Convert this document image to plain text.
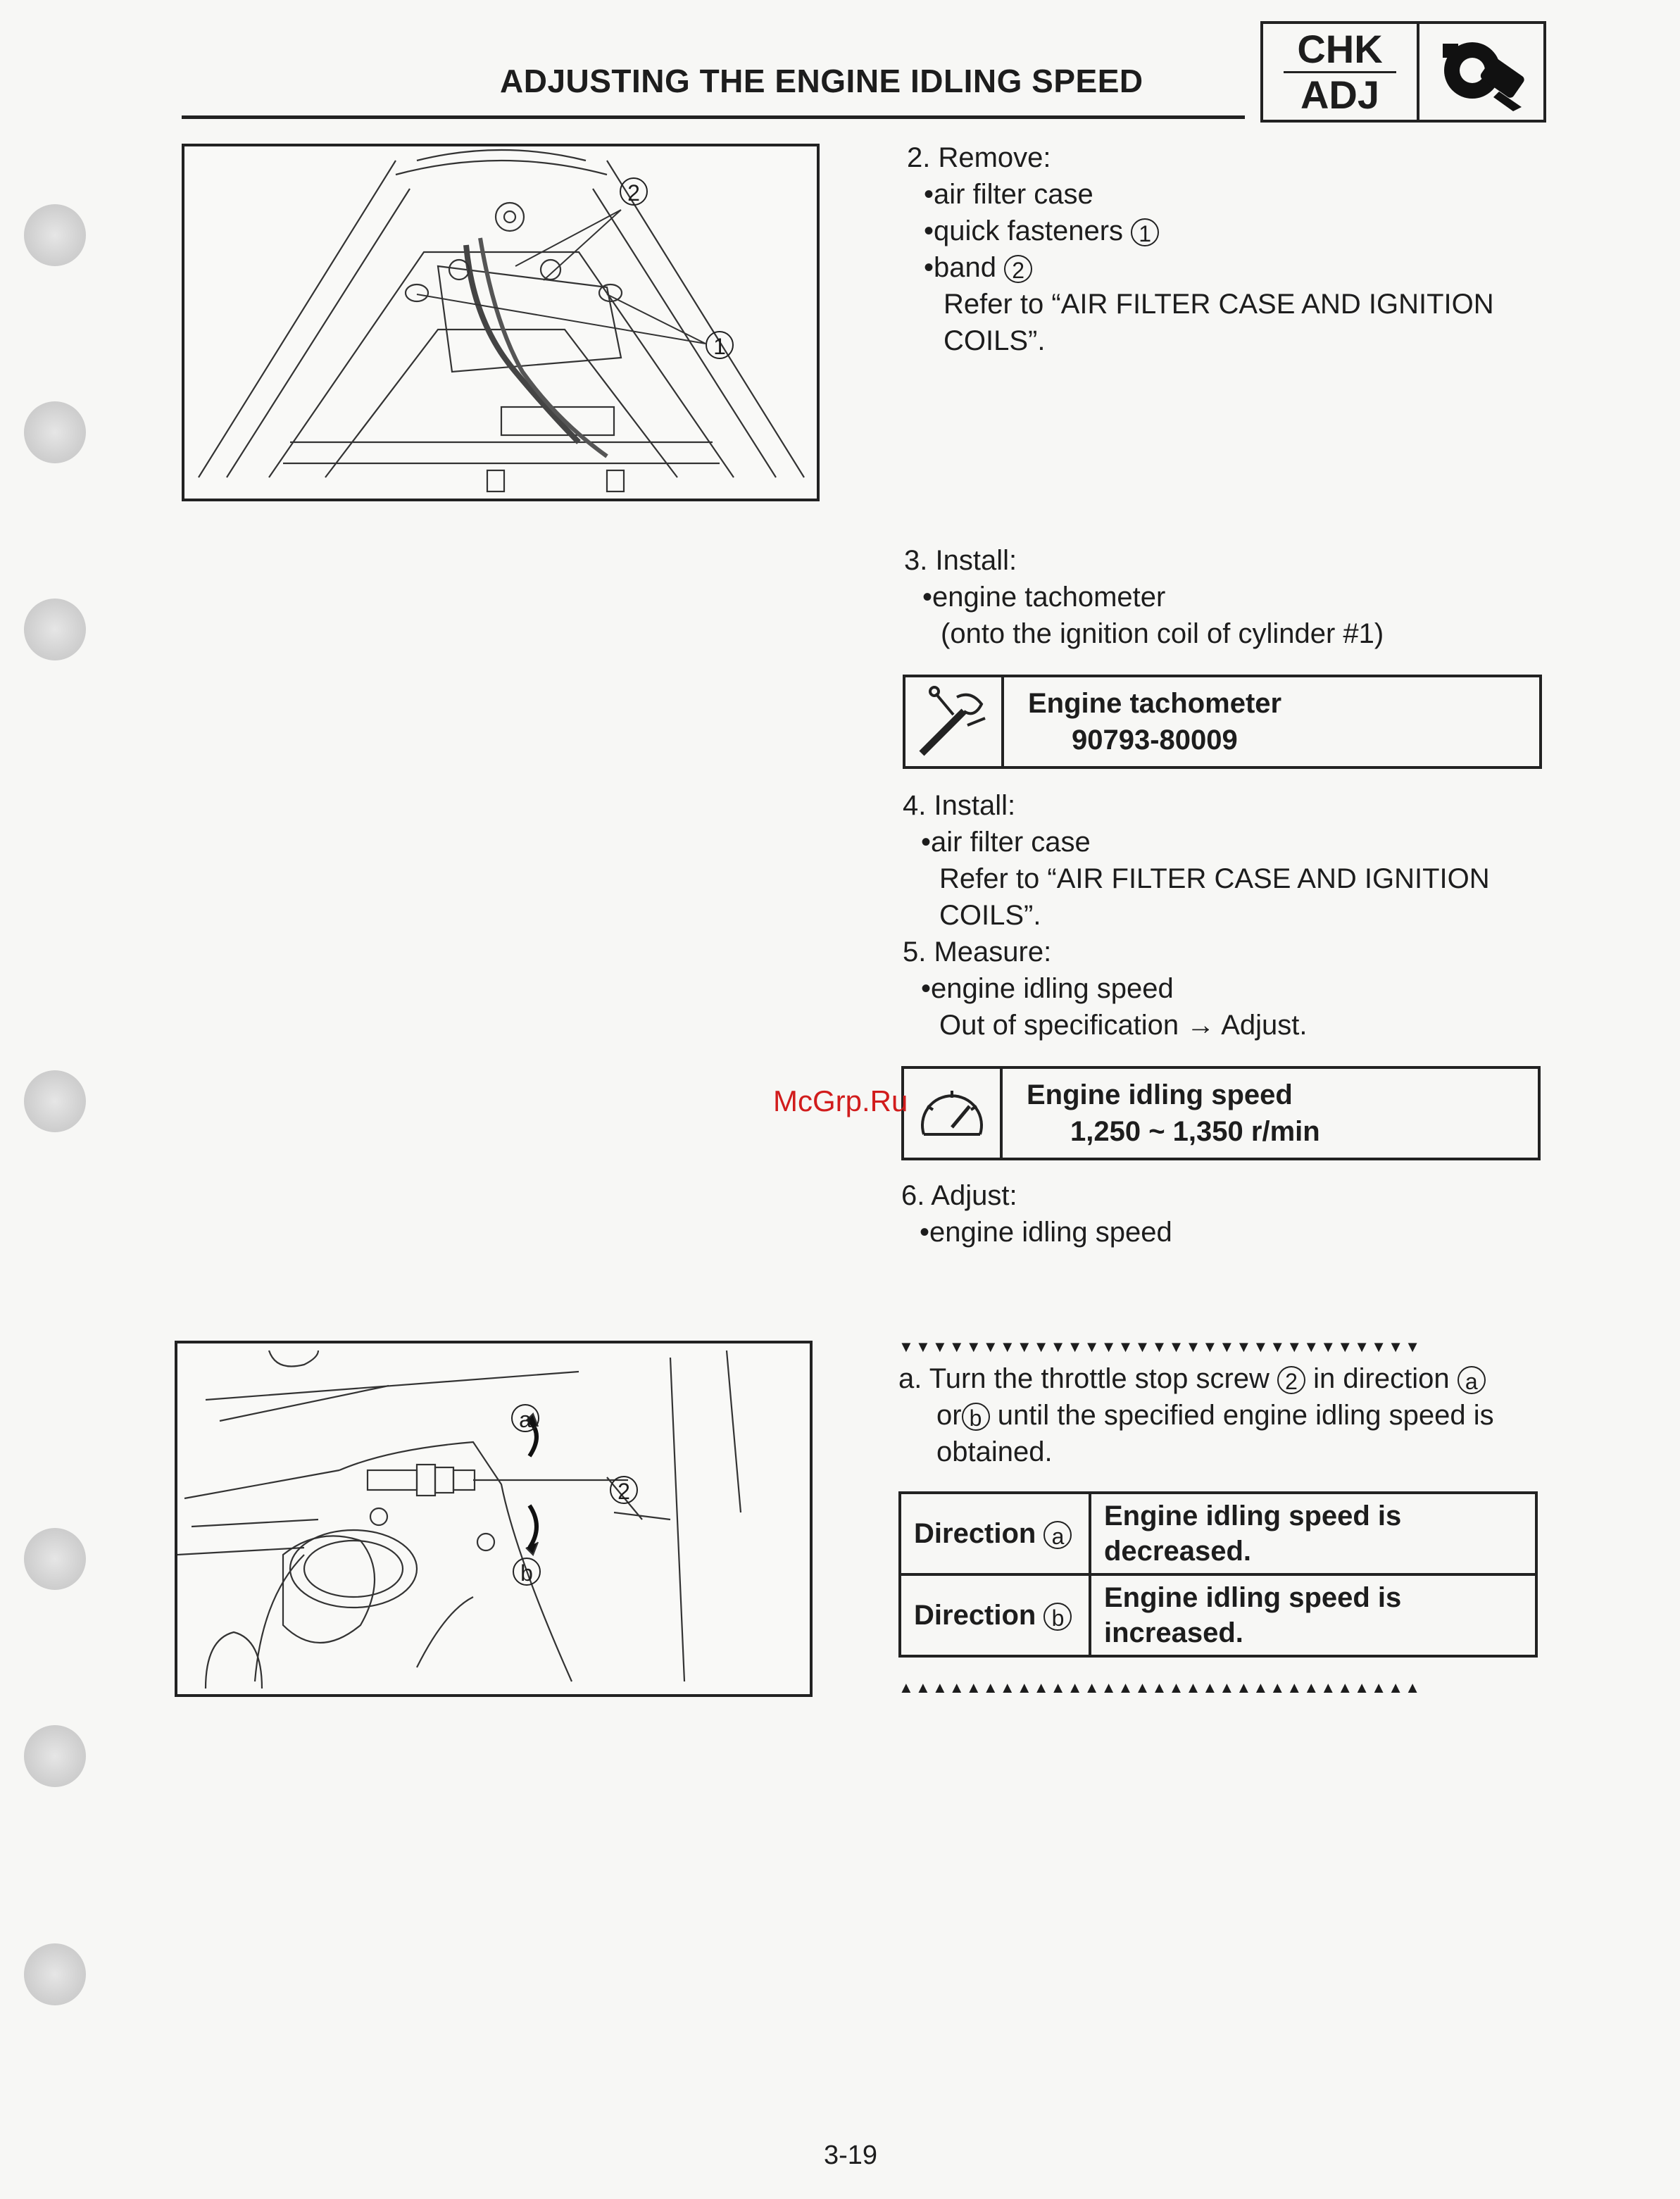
ADJUSTING THE ENGINE IDLING SPEED
CHK
ADJ
2
1
2. Remove:
•air filter case
•quick fasteners 1
•band 2
Refer to “AIR FILTER CASE AND IGNITION
COILS”.
3. Install:
•engine tachometer
(onto the ignition coil of cylinder #1)
Engine tachometer
90793-80009
4. Install:
•air filter case
Refer to “AIR FILTER CASE AND IGNITION
COILS”.
5. Measure:
•engine idling speed
Out of specification → Adjust.
Engine idling speed
1,250 ~ 1,350 r/min
McGrp.Ru
6. Adjust:
•engine idling speed
a
b
2
▼▼▼▼▼▼▼▼▼▼▼▼▼▼▼▼▼▼▼▼▼▼▼▼▼▼▼▼▼▼▼
a. Turn the throttle stop screw 2 in direction a
or b until the specified engine idling speed is
obtained.
Direction a	Engine idling speed is
decreased.

Direction b	Engine idling speed is
increased.
▲▲▲▲▲▲▲▲▲▲▲▲▲▲▲▲▲▲▲▲▲▲▲▲▲▲▲▲▲▲▲
3-19
